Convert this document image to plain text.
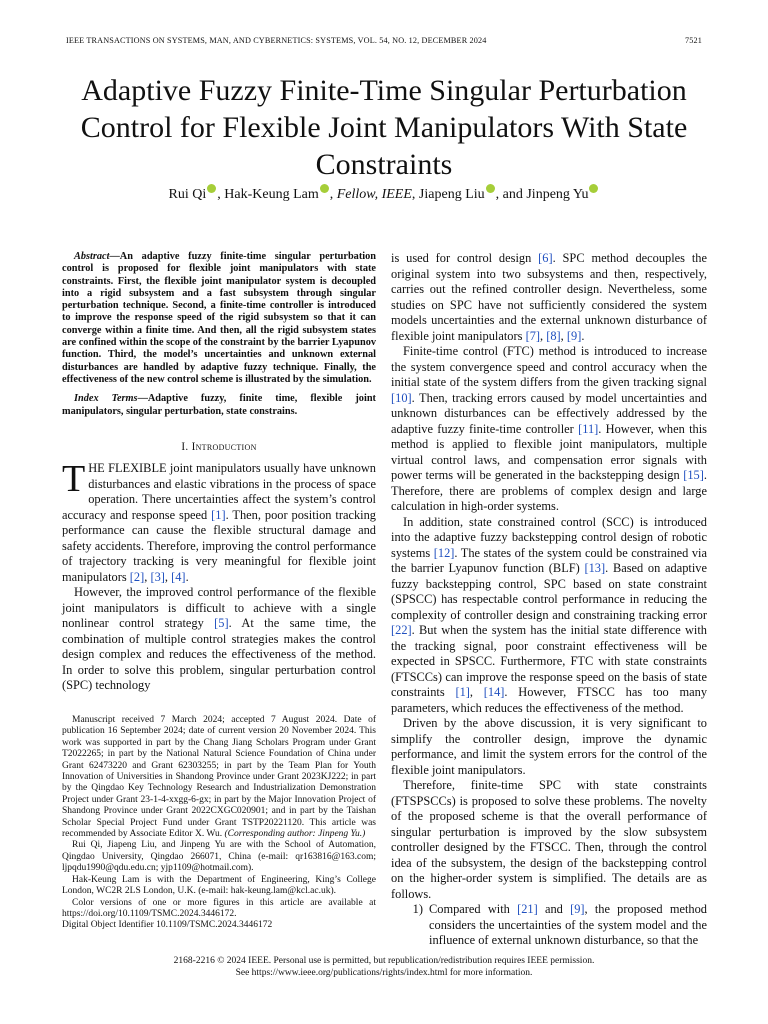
IEEE TRANSACTIONS ON SYSTEMS, MAN, AND CYBERNETICS: SYSTEMS, VOL. 54, NO. 12, DECEMBER 2024	7521
Adaptive Fuzzy Finite-Time Singular Perturbation Control for Flexible Joint Manipulators With State Constraints
Rui Qi , Hak-Keung Lam , Fellow, IEEE, Jiapeng Liu , and Jinpeng Yu

Abstract—An adaptive fuzzy finite-time singular perturbation control is proposed for flexible joint manipulators with state constraints. First, the flexible joint manipulator system is decoupled into a rigid subsystem and a fast subsystem through singular perturbation technique. Second, a finite-time controller is introduced to improve the response speed of the rigid subsystem so that it can converge within a finite time. And then, all the rigid subsystem states are confined within the scope of the constraint by the barrier Lyapunov function. Third, the model’s uncertainties and unknown external disturbances are handled by adaptive fuzzy technique. Finally, the effectiveness of the new control scheme is illustrated by the simulation.

Index Terms—Adaptive fuzzy, finite time, flexible joint manipulators, singular perturbation, state constrains.

I. Introduction

THE FLEXIBLE joint manipulators usually have unknown disturbances and elastic vibrations in the process of space operation. There uncertainties affect the system’s control accuracy and response speed [1]. Then, poor position tracking performance can cause the flexible structural damage and safety accidents. Therefore, improving the control performance of trajectory tracking is very meaningful for flexible joint manipulators [2], [3], [4].

However, the improved control performance of the flexible joint manipulators is difficult to achieve with a single nonlinear control strategy [5]. At the same time, the combination of multiple control strategies makes the control design complex and reduces the effectiveness of the method. In order to solve this problem, singular perturbation control (SPC) technology

Manuscript received 7 March 2024; accepted 7 August 2024. Date of publication 16 September 2024; date of current version 20 November 2024. This work was supported in part by the Chang Jiang Scholars Program under Grant T2022265; in part by the National Natural Science Foundation of China under Grant 62473220 and Grant 62303255; in part by the Team Plan for Youth Innovation of Universities in Shandong Province under Grant 2023KJ222; in part by the Qingdao Key Technology Research and Industrialization Demonstration Project under Grant 23-1-4-xxgg-6-gx; in part by the Major Innovation Project of Shandong Province under Grant 2022CXGC020901; and in part by the Taishan Scholar Special Project Fund under Grant TSTP20221120. This article was recommended by Associate Editor X. Wu. (Corresponding author: Jinpeng Yu.)

Rui Qi, Jiapeng Liu, and Jinpeng Yu are with the School of Automation, Qingdao University, Qingdao 266071, China (e-mail: qr163816@163.com; ljpqdu1990@qdu.edu.cn; yjp1109@hotmail.com).

Hak-Keung Lam is with the Department of Engineering, King’s College London, WC2R 2LS London, U.K. (e-mail: hak-keung.lam@kcl.ac.uk).

Color versions of one or more figures in this article are available at https://doi.org/10.1109/TSMC.2024.3446172.

Digital Object Identifier 10.1109/TSMC.2024.3446172

is used for control design [6]. SPC method decouples the original system into two subsystems and then, respectively, carries out the refined controller design. Nevertheless, some studies on SPC have not sufficiently considered the system models uncertainties and the external unknown disturbance of flexible joint manipulators [7], [8], [9].

Finite-time control (FTC) method is introduced to increase the system convergence speed and control accuracy when the initial state of the system differs from the given tracking signal [10]. Then, tracking errors caused by model uncertainties and unknown disturbances can be effectively addressed by the adaptive fuzzy finite-time controller [11]. However, when this method is applied to flexible joint manipulators, multiple virtual control laws, and compensation error signals with power terms will be generated in the backstepping design [15]. Therefore, there are problems of complex design and large calculation in high-order systems.

In addition, state constrained control (SCC) is introduced into the adaptive fuzzy backstepping control design of robotic systems [12]. The states of the system could be constrained via the barrier Lyapunov function (BLF) [13]. Based on adaptive fuzzy backstepping control, SPC based on state constraint (SPSCC) has respectable control performance in reducing the complexity of controller design and constraining tracking error [22]. But when the system has the initial state difference with the tracking signal, poor constraint effectiveness will be expected in SPSCC. Furthermore, FTC with state constraints (FTSCCs) can improve the response speed on the basis of state constraints [1], [14]. However, FTSCC has too many parameters, which reduces the effectiveness of the method.

Driven by the above discussion, it is very significant to simplify the controller design, improve the dynamic performance, and limit the system errors for the control of the flexible joint manipulators.

Therefore, finite-time SPC with state constraints (FTSPSCCs) is proposed to solve these problems. The novelty of the proposed scheme is that the overall performance of singular perturbation is improved by the slow subsystem controller designed by the FTSCC. Then, through the control idea of the subsystem, the design of the backstepping control on the higher-order system is simplified. The details are as follows.

1) Compared with [21] and [9], the proposed method considers the uncertainties of the system model and the influence of external unknown disturbance, so that the
2168-2216 © 2024 IEEE. Personal use is permitted, but republication/redistribution requires IEEE permission.
See https://www.ieee.org/publications/rights/index.html for more information.
